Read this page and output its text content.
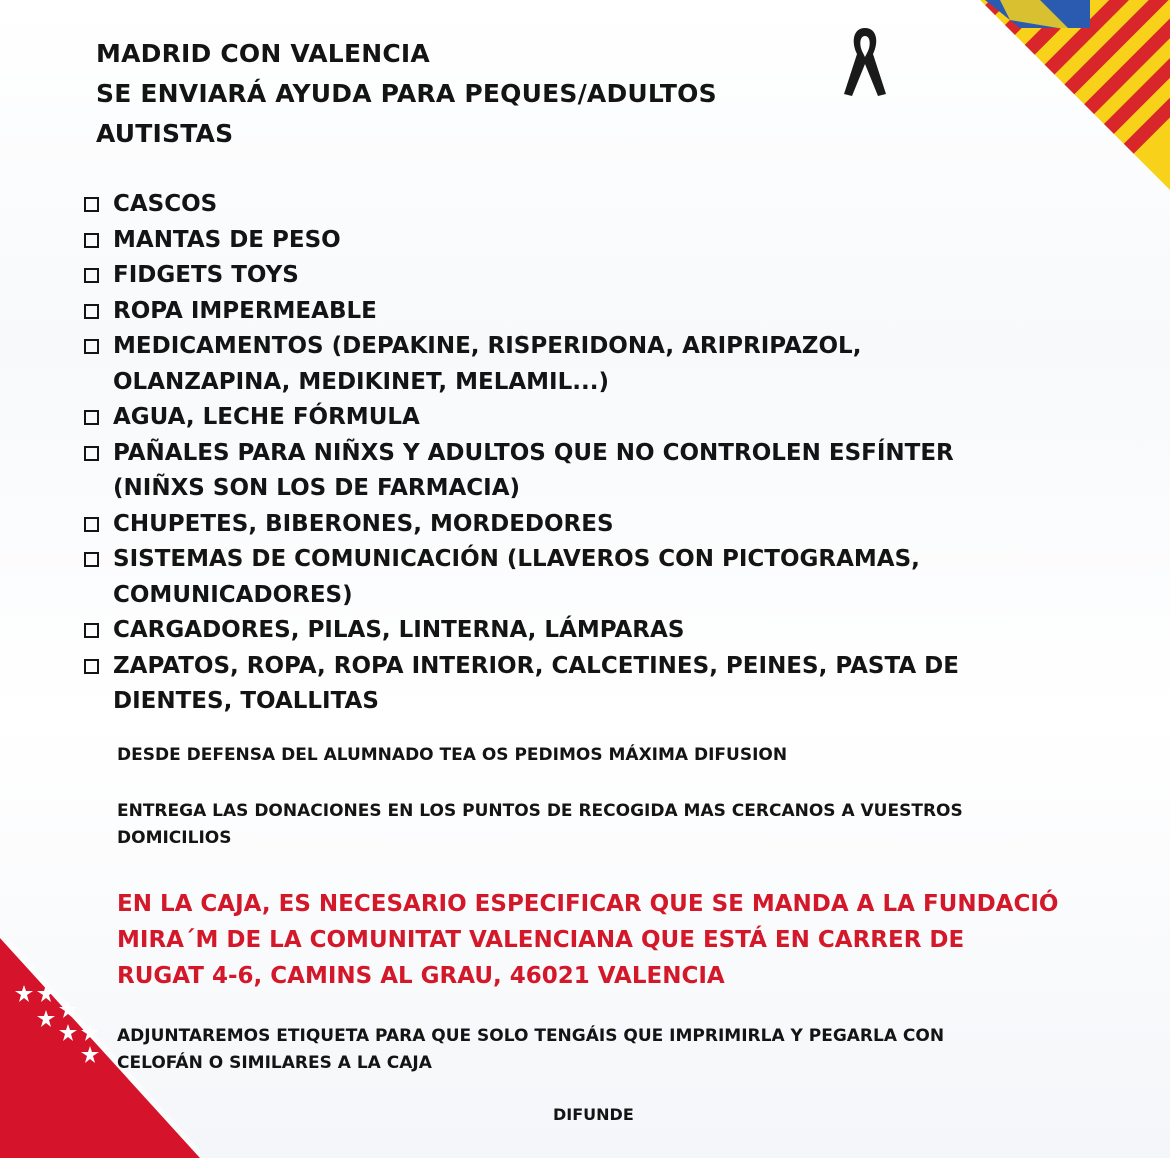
MADRID CON VALENCIA
SE ENVIARÁ AYUDA PARA PEQUES/ADULTOS
AUTISTAS
CASCOS
MANTAS DE PESO
FIDGETS TOYS
ROPA IMPERMEABLE
MEDICAMENTOS (DEPAKINE, RISPERIDONA, ARIPRIPAZOL,
OLANZAPINA, MEDIKINET, MELAMIL...)
AGUA, LECHE FÓRMULA
PAÑALES PARA NIÑXS Y ADULTOS QUE NO CONTROLEN ESFÍNTER
(NIÑXS SON LOS DE FARMACIA)
CHUPETES, BIBERONES, MORDEDORES
SISTEMAS DE COMUNICACIÓN (LLAVEROS CON PICTOGRAMAS,
COMUNICADORES)
CARGADORES, PILAS, LINTERNA, LÁMPARAS
ZAPATOS, ROPA, ROPA INTERIOR, CALCETINES, PEINES, PASTA DE
DIENTES, TOALLITAS
DESDE DEFENSA DEL ALUMNADO TEA OS PEDIMOS MÁXIMA DIFUSION
ENTREGA LAS DONACIONES EN LOS PUNTOS DE RECOGIDA MAS CERCANOS A VUESTROS
DOMICILIOS
EN LA CAJA, ES NECESARIO ESPECIFICAR QUE SE MANDA A LA FUNDACIÓ
MIRA´M DE LA COMUNITAT VALENCIANA QUE ESTÁ EN CARRER DE
RUGAT 4-6, CAMINS AL GRAU, 46021 VALENCIA
ADJUNTAREMOS ETIQUETA PARA QUE SOLO TENGÁIS QUE IMPRIMIRLA Y PEGARLA CON
CELOFÁN O SIMILARES A LA CAJA
DIFUNDE
